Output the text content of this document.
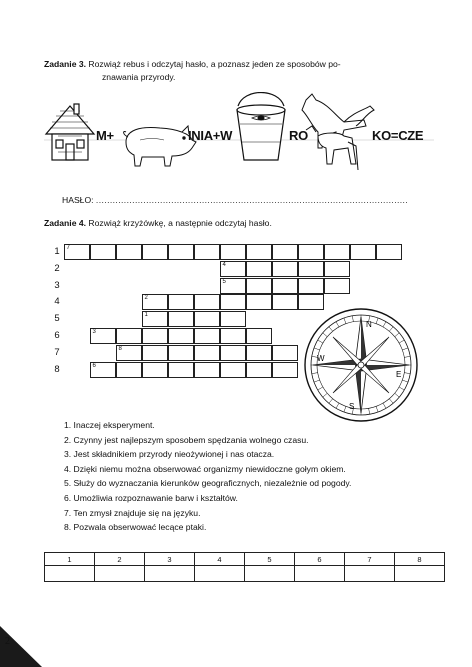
Zadanie 3. Rozwiąż rebus i odczytaj hasło, a poznasz jeden ze sposobów po-
znawania przyrody.
M+	INIA+W	RO	KO=CZE
HASŁO: ................................................................................................................
Zadanie 4. Rozwiąż krzyżówkę, a następnie odczytaj hasło.
1	7
2	4
3	5
4	2
5	1
6	3
7	8
8	6
N
S
E
W
1. Inaczej eksperyment.
2. Czynny jest najlepszym sposobem spędzania wolnego czasu.
3. Jest składnikiem przyrody nieożywionej i nas otacza.
4. Dzięki niemu można obserwować organizmy niewidoczne gołym okiem.
5. Służy do wyznaczania kierunków geograficznych, niezależnie od pogody.
6. Umożliwia rozpoznawanie barw i kształtów.
7. Ten zmysł znajduje się na języku.
8. Pozwala obserwować lecące ptaki.
1	2	3	4	5	6	7	8

2
